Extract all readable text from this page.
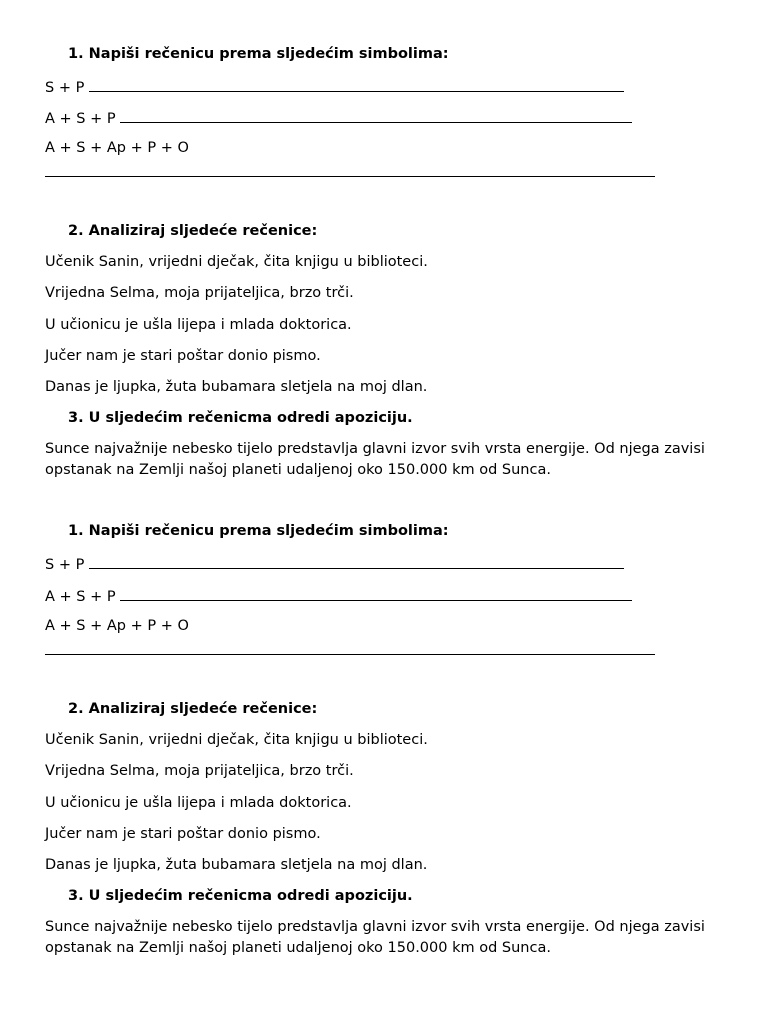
1. Napiši rečenicu prema sljedećim simbolima:
S + P
A + S + P
A + S + Ap + P + O
2. Analiziraj sljedeće rečenice:
Učenik Sanin, vrijedni dječak, čita knjigu u biblioteci.
Vrijedna Selma, moja prijateljica, brzo trči.
U učionicu je ušla lijepa i mlada doktorica.
Jučer nam je stari poštar donio pismo.
Danas je ljupka, žuta bubamara sletjela na moj dlan.
3. U sljedećim rečenicma odredi apoziciju.
Sunce najvažnije nebesko tijelo predstavlja glavni izvor svih vrsta energije. Od njega zavisi opstanak na Zemlji našoj planeti udaljenoj oko 150.000 km od Sunca.
1. Napiši rečenicu prema sljedećim simbolima:
S + P
A + S + P
A + S + Ap + P + O
2. Analiziraj sljedeće rečenice:
Učenik Sanin, vrijedni dječak, čita knjigu u biblioteci.
Vrijedna Selma, moja prijateljica, brzo trči.
U učionicu je ušla lijepa i mlada doktorica.
Jučer nam je stari poštar donio pismo.
Danas je ljupka, žuta bubamara sletjela na moj dlan.
3. U sljedećim rečenicma odredi apoziciju.
Sunce najvažnije nebesko tijelo predstavlja glavni izvor svih vrsta energije. Od njega zavisi opstanak na Zemlji našoj planeti udaljenoj oko 150.000 km od Sunca.
